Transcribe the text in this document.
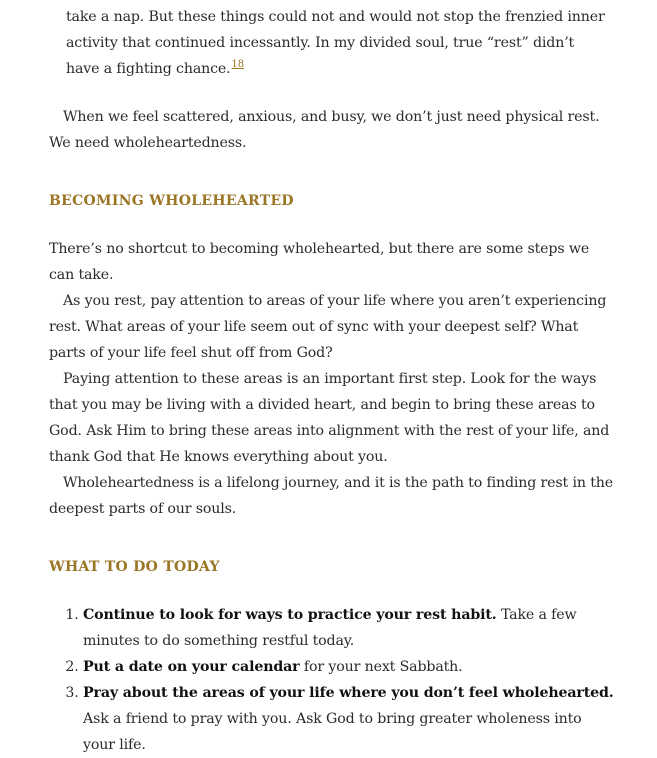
take a nap. But these things could not and would not stop the frenzied inner activity that continued incessantly. In my divided soul, true “rest” didn’t have a fighting chance.$^{18}$

When we feel scattered, anxious, and busy, we don’t just need physical rest. We need wholeheartedness.

BECOMING WHOLEHEARTED

There’s no shortcut to becoming wholehearted, but there are some steps we can take.

As you rest, pay attention to areas of your life where you aren’t experiencing rest. What areas of your life seem out of sync with your deepest self? What parts of your life feel shut off from God?

Paying attention to these areas is an important first step. Look for the ways that you may be living with a divided heart, and begin to bring these areas to God. Ask Him to bring these areas into alignment with the rest of your life, and thank God that He knows everything about you.

Wholeheartedness is a lifelong journey, and it is the path to finding rest in the deepest parts of our souls.

WHAT TO DO TODAY
1. Continue to look for ways to practice your rest habit. Take a few minutes to do something restful today.
2. Put a date on your calendar for your next Sabbath.
3. Pray about the areas of your life where you don’t feel wholehearted. Ask a friend to pray with you. Ask God to bring greater wholeness into your life.
